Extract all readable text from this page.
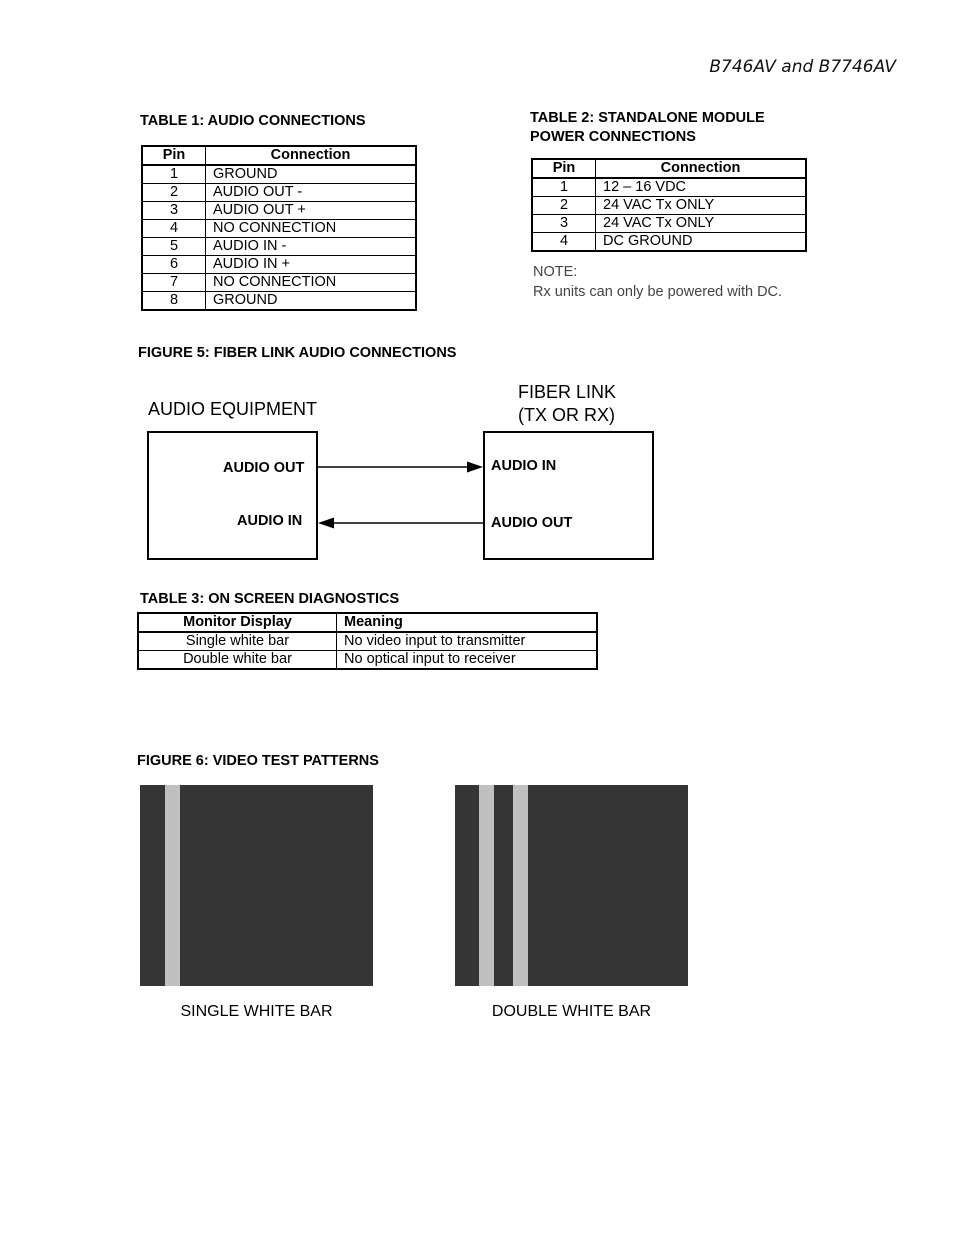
B746AV and B7746AV
TABLE 1: AUDIO CONNECTIONS
Pin	Connection
1	GROUND
2	AUDIO OUT -
3	AUDIO OUT +
4	NO CONNECTION
5	AUDIO IN -
6	AUDIO IN +
7	NO CONNECTION
8	GROUND
TABLE 2: STANDALONE MODULE
POWER CONNECTIONS
Pin	Connection
1	12 – 16 VDC
2	24 VAC Tx ONLY
3	24 VAC Tx ONLY
4	DC GROUND
NOTE:
Rx units can only be powered with DC.
FIGURE 5: FIBER LINK AUDIO CONNECTIONS
AUDIO EQUIPMENT
FIBER LINK
(TX OR RX)
AUDIO OUT
AUDIO IN
AUDIO IN
AUDIO OUT
TABLE 3: ON SCREEN DIAGNOSTICS
Monitor Display	Meaning
Single white bar	No video input to transmitter
Double white bar	No optical input to receiver
FIGURE 6: VIDEO TEST PATTERNS
SINGLE WHITE BAR	DOUBLE WHITE BAR
